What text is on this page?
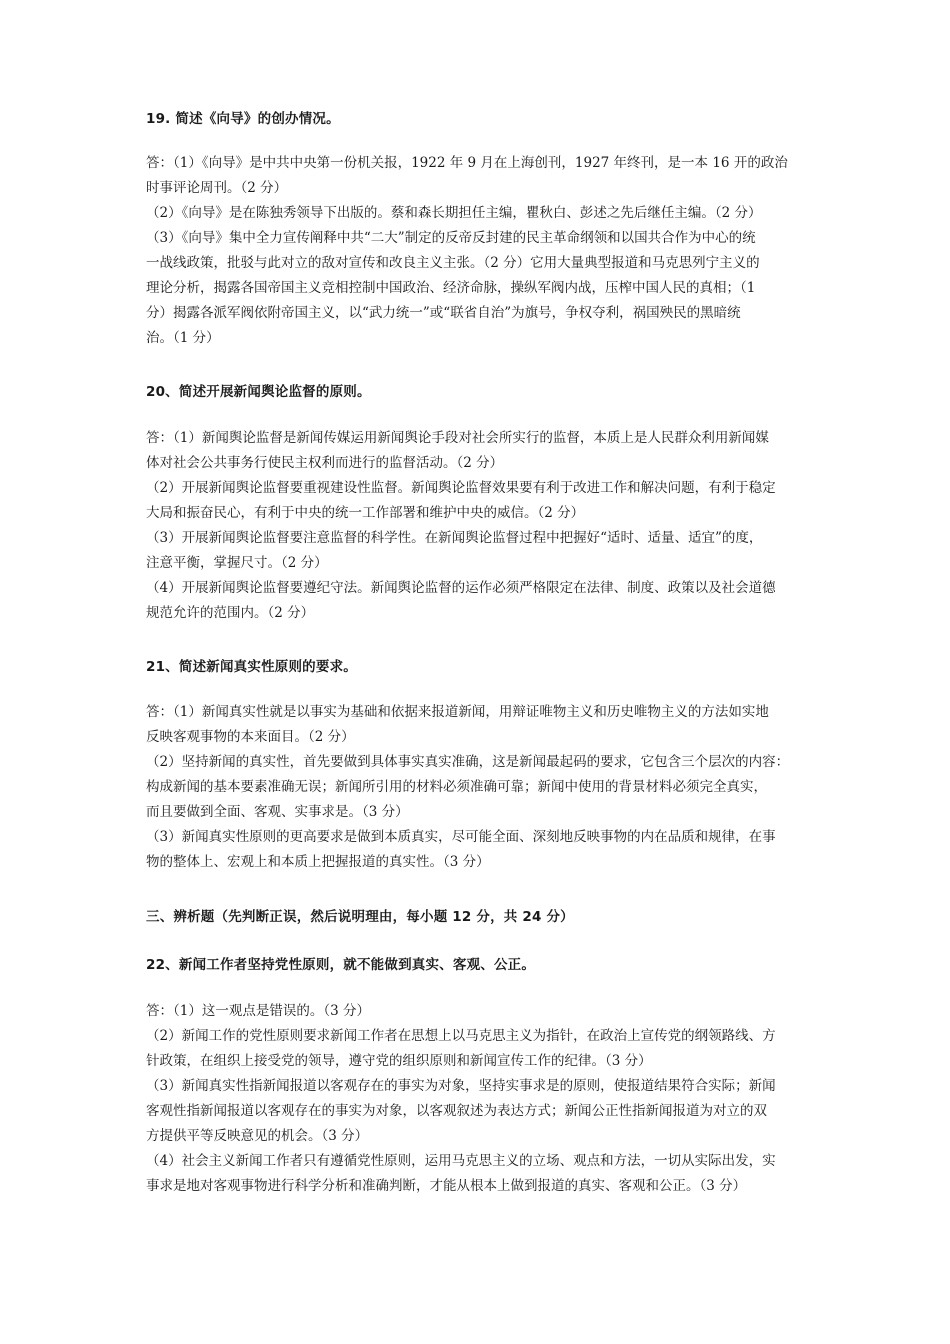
19. 简述《向导》的创办情况。
答：（1）《向导》是中共中央第一份机关报，1922 年 9 月在上海创刊，1927 年终刊，是一本 16 开的政治
时事评论周刊。（2 分）
（2）《向导》是在陈独秀领导下出版的。蔡和森长期担任主编，瞿秋白、彭述之先后继任主编。（2 分）
（3）《向导》集中全力宣传阐释中共“二大”制定的反帝反封建的民主革命纲领和以国共合作为中心的统
一战线政策，批驳与此对立的敌对宣传和改良主义主张。（2 分）它用大量典型报道和马克思列宁主义的
理论分析，揭露各国帝国主义竞相控制中国政治、经济命脉，操纵军阀内战，压榨中国人民的真相；（1
分）揭露各派军阀依附帝国主义，以“武力统一”或“联省自治”为旗号，争权夺利，祸国殃民的黑暗统
治。（1 分）
20、简述开展新闻舆论监督的原则。
答：（1）新闻舆论监督是新闻传媒运用新闻舆论手段对社会所实行的监督，本质上是人民群众利用新闻媒
体对社会公共事务行使民主权利而进行的监督活动。（2 分）
（2）开展新闻舆论监督要重视建设性监督。新闻舆论监督效果要有利于改进工作和解决问题，有利于稳定
大局和振奋民心，有利于中央的统一工作部署和维护中央的威信。（2 分）
（3）开展新闻舆论监督要注意监督的科学性。在新闻舆论监督过程中把握好“适时、适量、适宜”的度，
注意平衡，掌握尺寸。（2 分）
（4）开展新闻舆论监督要遵纪守法。新闻舆论监督的运作必须严格限定在法律、制度、政策以及社会道德
规范允许的范围内。（2 分）
21、简述新闻真实性原则的要求。
答：（1）新闻真实性就是以事实为基础和依据来报道新闻，用辩证唯物主义和历史唯物主义的方法如实地
反映客观事物的本来面目。（2 分）
（2）坚持新闻的真实性，首先要做到具体事实真实准确，这是新闻最起码的要求，它包含三个层次的内容：
构成新闻的基本要素准确无误；新闻所引用的材料必须准确可靠；新闻中使用的背景材料必须完全真实，
而且要做到全面、客观、实事求是。（3 分）
（3）新闻真实性原则的更高要求是做到本质真实，尽可能全面、深刻地反映事物的内在品质和规律，在事
物的整体上、宏观上和本质上把握报道的真实性。（3 分）
三、辨析题（先判断正误，然后说明理由，每小题 12 分，共 24 分）
22、新闻工作者坚持党性原则，就不能做到真实、客观、公正。
答：（1）这一观点是错误的。（3 分）
（2）新闻工作的党性原则要求新闻工作者在思想上以马克思主义为指针，在政治上宣传党的纲领路线、方
针政策，在组织上接受党的领导，遵守党的组织原则和新闻宣传工作的纪律。（3 分）
（3）新闻真实性指新闻报道以客观存在的事实为对象，坚持实事求是的原则，使报道结果符合实际；新闻
客观性指新闻报道以客观存在的事实为对象，以客观叙述为表达方式；新闻公正性指新闻报道为对立的双
方提供平等反映意见的机会。（3 分）
（4）社会主义新闻工作者只有遵循党性原则，运用马克思主义的立场、观点和方法，一切从实际出发，实
事求是地对客观事物进行科学分析和准确判断，才能从根本上做到报道的真实、客观和公正。（3 分）
